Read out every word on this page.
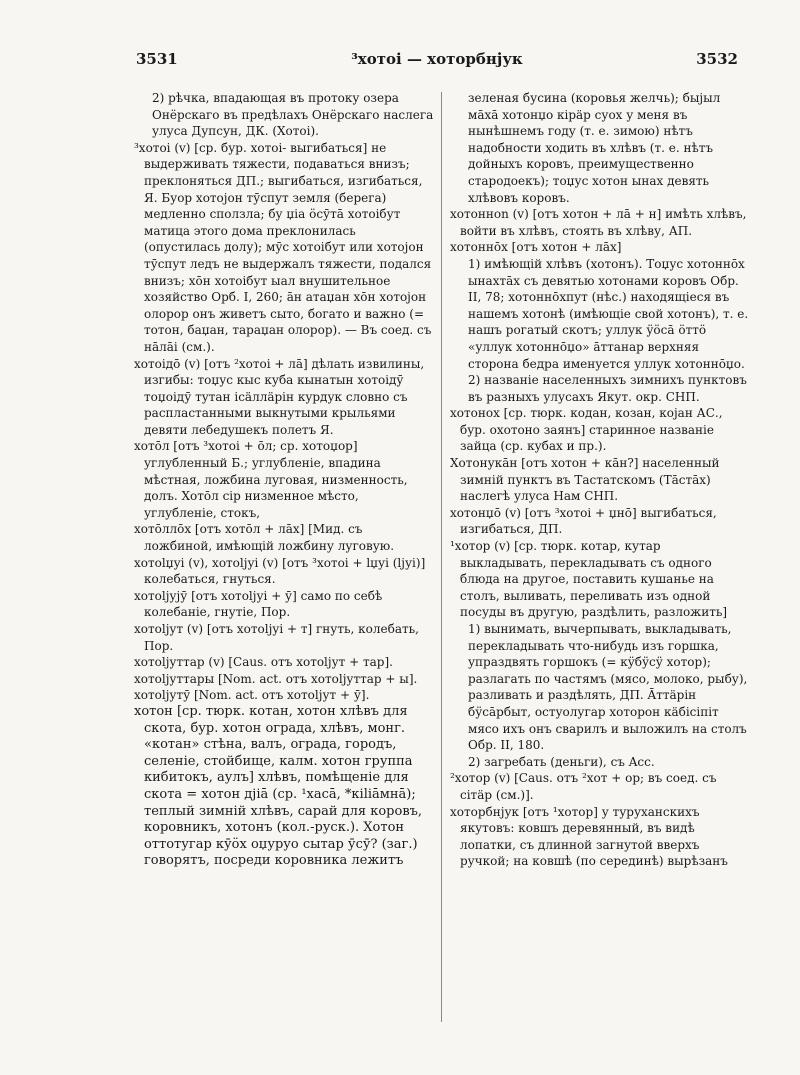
3531	³хотоі — хоторбнјук	3532

2) рѣчка, впадающая въ протоку озера Онёрскаго въ предѣлахъ Онёрскаго наслега улуса Дупсун, ДК. (Хотоі).

³хотоі (v) [ср. бур. хотоі- выгибаться] не выдерживать тяжести, подаваться внизъ; преклоняться ДП.; выгибаться, изгибаться, Я. Буор хотојон тӯспут земля (берега) медленно сползла; бу џіа ӧсӯтā хотоібут матица этого дома преклонилась (опустилась долу); мӯс хотоібут или хотојон тӯспут ледъ не выдержалъ тяжести, подался внизъ; хōн хотоібут ыал внушительное хозяйство Орб. I, 260; āн атаџан хōн хотојон олорор онъ живетъ сыто, богато и важно (= тотон, баџан, тараџан олорор). — Въ соед. съ нāлāі (см.).

хотоідō (v) [отъ ²хотоі + лā] дѣлать извилины, изгибы: тоџус кыс куба кынатын хотоідӯ тоџоідӯ тутан ісäллäрін курдук словно съ распластанными выкнутыми крыльями девяти лебедушекъ полетъ Я.

хотōл [отъ ³хотоі + ōл; ср. хотоџор] углубленный Б.; углубленіе, впадина мѣстная, ложбина луговая, низменность, долъ. Хотōл сір низменное мѣсто, углубленіе, стокъ,

хотōллōх [отъ хотōл + лāх] [Мид. съ ложбиной, имѣющій ложбину луговую.

хотоlџуі (v), хотоlјуі (v) [отъ ³хотоі + lџуі (lјуі)] колебаться, гнуться.

хотоlјујӯ [отъ хотоlјуі + ӯ] само по себѣ колебаніе, гнутіе, Пор.

хотоlјут (v) [отъ хотоlјуі + т] гнуть, колебать, Пор.

хотоlјуттар (v) [Caus. отъ хотоlјут + тар].

хотоlјуттары [Nom. act. отъ хотоlјуттар + ы].

хотоlјутӯ [Nom. act. отъ хотоlјут + ӯ].

хотон [ср. тюрк. котан, хотон хлѣвъ для скота, бур. хотон ограда, хлѣвъ, монг. «котан» стѣна, валъ, ограда, городъ, селеніе, стойбище, калм. хотон группа кибитокъ, аулъ] хлѣвъ, помѣщеніе для скота = хотон дјіā (ср. ¹хасā, *кіlіāмнā); теплый зимній хлѣвъ, сарай для коровъ, коровникъ, хотонъ (кол.-руск.). Хотон оттотугар кӯӧх оџуруо сытар ӯсӯ? (заг.) говорятъ, посреди коровника лежитъ

зеленая бусина (коровья желчь); быјыл мāхā хотонџо кірäр суох у меня въ нынѣшнемъ году (т. е. зимою) нѣтъ надобности ходить въ хлѣвъ (т. е. нѣтъ дойныхъ коровъ, преимущественно стародоекъ); тоџус хотон ынах девять хлѣвовъ коровъ.

хотонноn (v) [отъ хотон + лā + н] имѣть хлѣвъ, войти въ хлѣвъ, стоять въ хлѣву, АП.

хотоннōх [отъ хотон + лāх]

1) имѣющій хлѣвъ (хотонъ). Тоџус хотоннōх ынахтāх съ девятью хотонами коровъ Обр. II, 78; хотоннōхпут (нѣс.) находящіеся въ нашемъ хотонѣ (имѣющіе свой хотонъ), т. е. нашъ рогатый скотъ; уллук ӱӧсā ӧттӧ «уллук хотоннōџо» āттанар верхняя сторона бедра именуется уллук хотоннōџо.

2) названіе населенныхъ зимнихъ пунктовъ въ разныхъ улусахъ Якут. окр. СНП.

хотонох [ср. тюрк. кодан, козан, коjан АС., бур. охотоно заянъ] старинное названіе зайца (ср. кубах и пр.).

Хотонукāн [отъ хотон + кāн?] населенный зимній пунктъ въ Тастатскомъ (Тāстāх) наслегѣ улуса Нам СНП.

хотонџō (v) [отъ ³хотоі + џнō] выгибаться, изгибаться, ДП.

¹хотор (v) [ср. тюрк. котар, кутар выкладывать, перекладывать съ одного блюда на другое, поставить кушанье на столъ, выливать, переливать изъ одной посуды въ другую, раздѣлить, разложить]

1) вынимать, вычерпывать, выкладывать, перекладывать что-нибудь изъ горшка, упраздвять горшокъ (= кӱбӱсӱ хотор); разлагать по частямъ (мясо, молоко, рыбу), разливать и раздѣлять, ДП. Āттäрін бӱсāрбыт, остуолугар хоторон кäбісіпіт мясо ихъ онъ сварилъ и выложилъ на столъ Обр. II, 180.

2) загребать (деньги), съ Acc.

²хотор (v) [Caus. отъ ²хот + ор; въ соед. съ сітäр (см.)].

хоторбнјук [отъ ¹хотор] у туруханскихъ якутовъ: ковшъ деревянный, въ видѣ лопатки, съ длинной загнутой вверхъ ручкой; на ковшѣ (по серединѣ) вырѣзанъ
